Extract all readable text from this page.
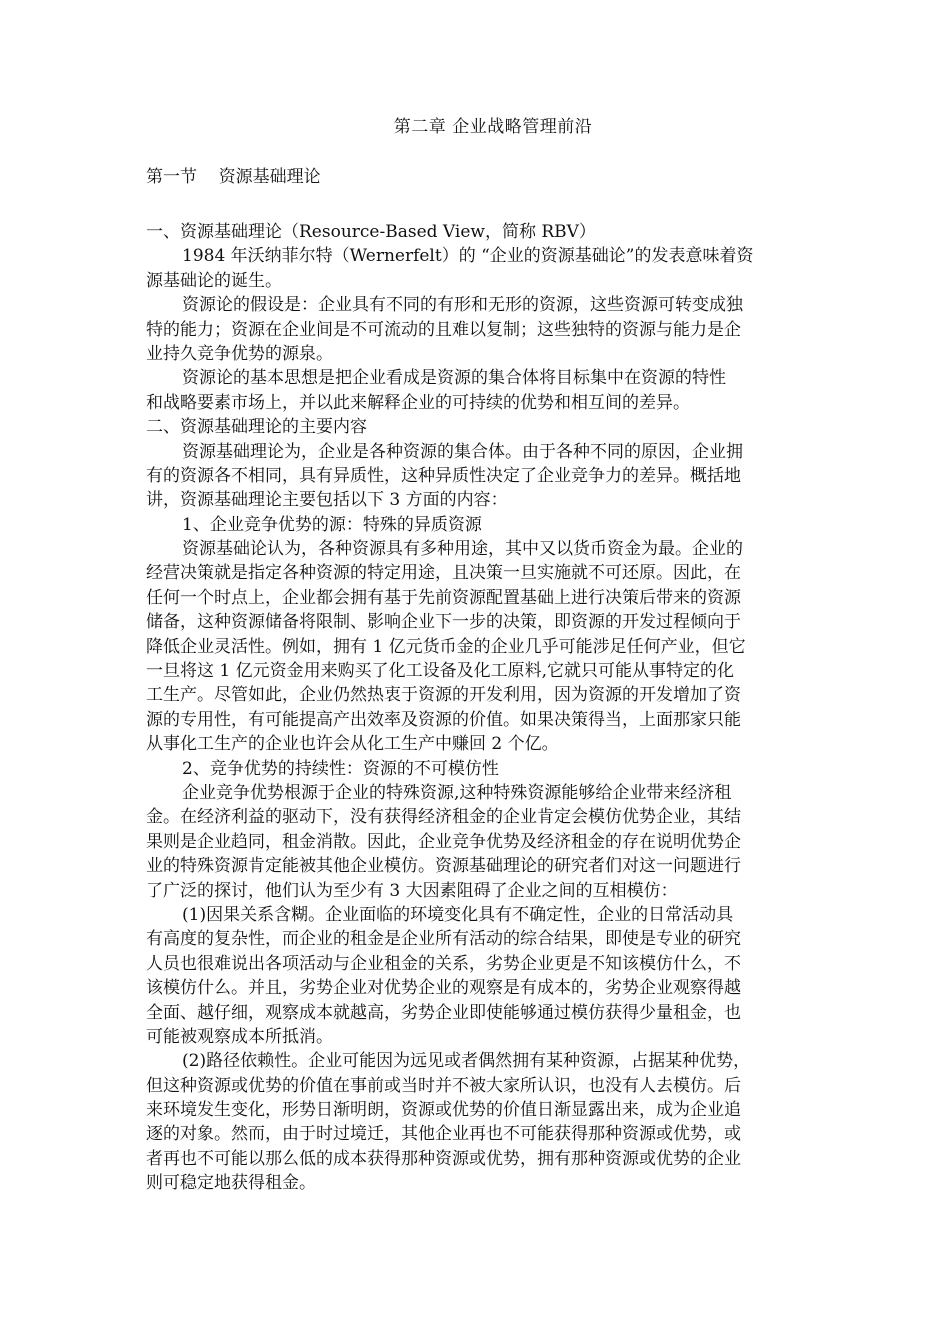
第二章 企业战略管理前沿
第一节    资源基础理论
一、资源基础理论（Resource-Based View，简称 RBV）
1984 年沃纳菲尔特（Wernerfelt）的 “企业的资源基础论”的发表意味着资
源基础论的诞生。
资源论的假设是：企业具有不同的有形和无形的资源，这些资源可转变成独
特的能力；资源在企业间是不可流动的且难以复制；这些独特的资源与能力是企
业持久竞争优势的源泉。
资源论的基本思想是把企业看成是资源的集合体将目标集中在资源的特性
和战略要素市场上，并以此来解释企业的可持续的优势和相互间的差异。
二、资源基础理论的主要内容
资源基础理论为，企业是各种资源的集合体。由于各种不同的原因，企业拥
有的资源各不相同，具有异质性，这种异质性决定了企业竞争力的差异。概括地
讲，资源基础理论主要包括以下 3 方面的内容：
1、企业竞争优势的源：特殊的异质资源
资源基础论认为，各种资源具有多种用途，其中又以货币资金为最。企业的
经营决策就是指定各种资源的特定用途，且决策一旦实施就不可还原。因此，在
任何一个时点上，企业都会拥有基于先前资源配置基础上进行决策后带来的资源
储备，这种资源储备将限制、影响企业下一步的决策，即资源的开发过程倾向于
降低企业灵活性。例如，拥有 1 亿元货币金的企业几乎可能涉足任何产业，但它
一旦将这 1 亿元资金用来购买了化工设备及化工原料,它就只可能从事特定的化
工生产。尽管如此，企业仍然热衷于资源的开发利用，因为资源的开发增加了资
源的专用性，有可能提高产出效率及资源的价值。如果决策得当，上面那家只能
从事化工生产的企业也许会从化工生产中赚回 2 个亿。
2、竞争优势的持续性：资源的不可模仿性
企业竞争优势根源于企业的特殊资源,这种特殊资源能够给企业带来经济租
金。在经济利益的驱动下，没有获得经济租金的企业肯定会模仿优势企业，其结
果则是企业趋同，租金消散。因此，企业竞争优势及经济租金的存在说明优势企
业的特殊资源肯定能被其他企业模仿。资源基础理论的研究者们对这一问题进行
了广泛的探讨，他们认为至少有 3 大因素阻碍了企业之间的互相模仿：
(1)因果关系含糊。企业面临的环境变化具有不确定性，企业的日常活动具
有高度的复杂性，而企业的租金是企业所有活动的综合结果，即使是专业的研究
人员也很难说出各项活动与企业租金的关系，劣势企业更是不知该模仿什么，不
该模仿什么。并且，劣势企业对优势企业的观察是有成本的，劣势企业观察得越
全面、越仔细，观察成本就越高，劣势企业即使能够通过模仿获得少量租金，也
可能被观察成本所抵消。
(2)路径依赖性。企业可能因为远见或者偶然拥有某种资源，占据某种优势，
但这种资源或优势的价值在事前或当时并不被大家所认识，也没有人去模仿。后
来环境发生变化，形势日渐明朗，资源或优势的价值日渐显露出来，成为企业追
逐的对象。然而，由于时过境迁，其他企业再也不可能获得那种资源或优势，或
者再也不可能以那么低的成本获得那种资源或优势，拥有那种资源或优势的企业
则可稳定地获得租金。
